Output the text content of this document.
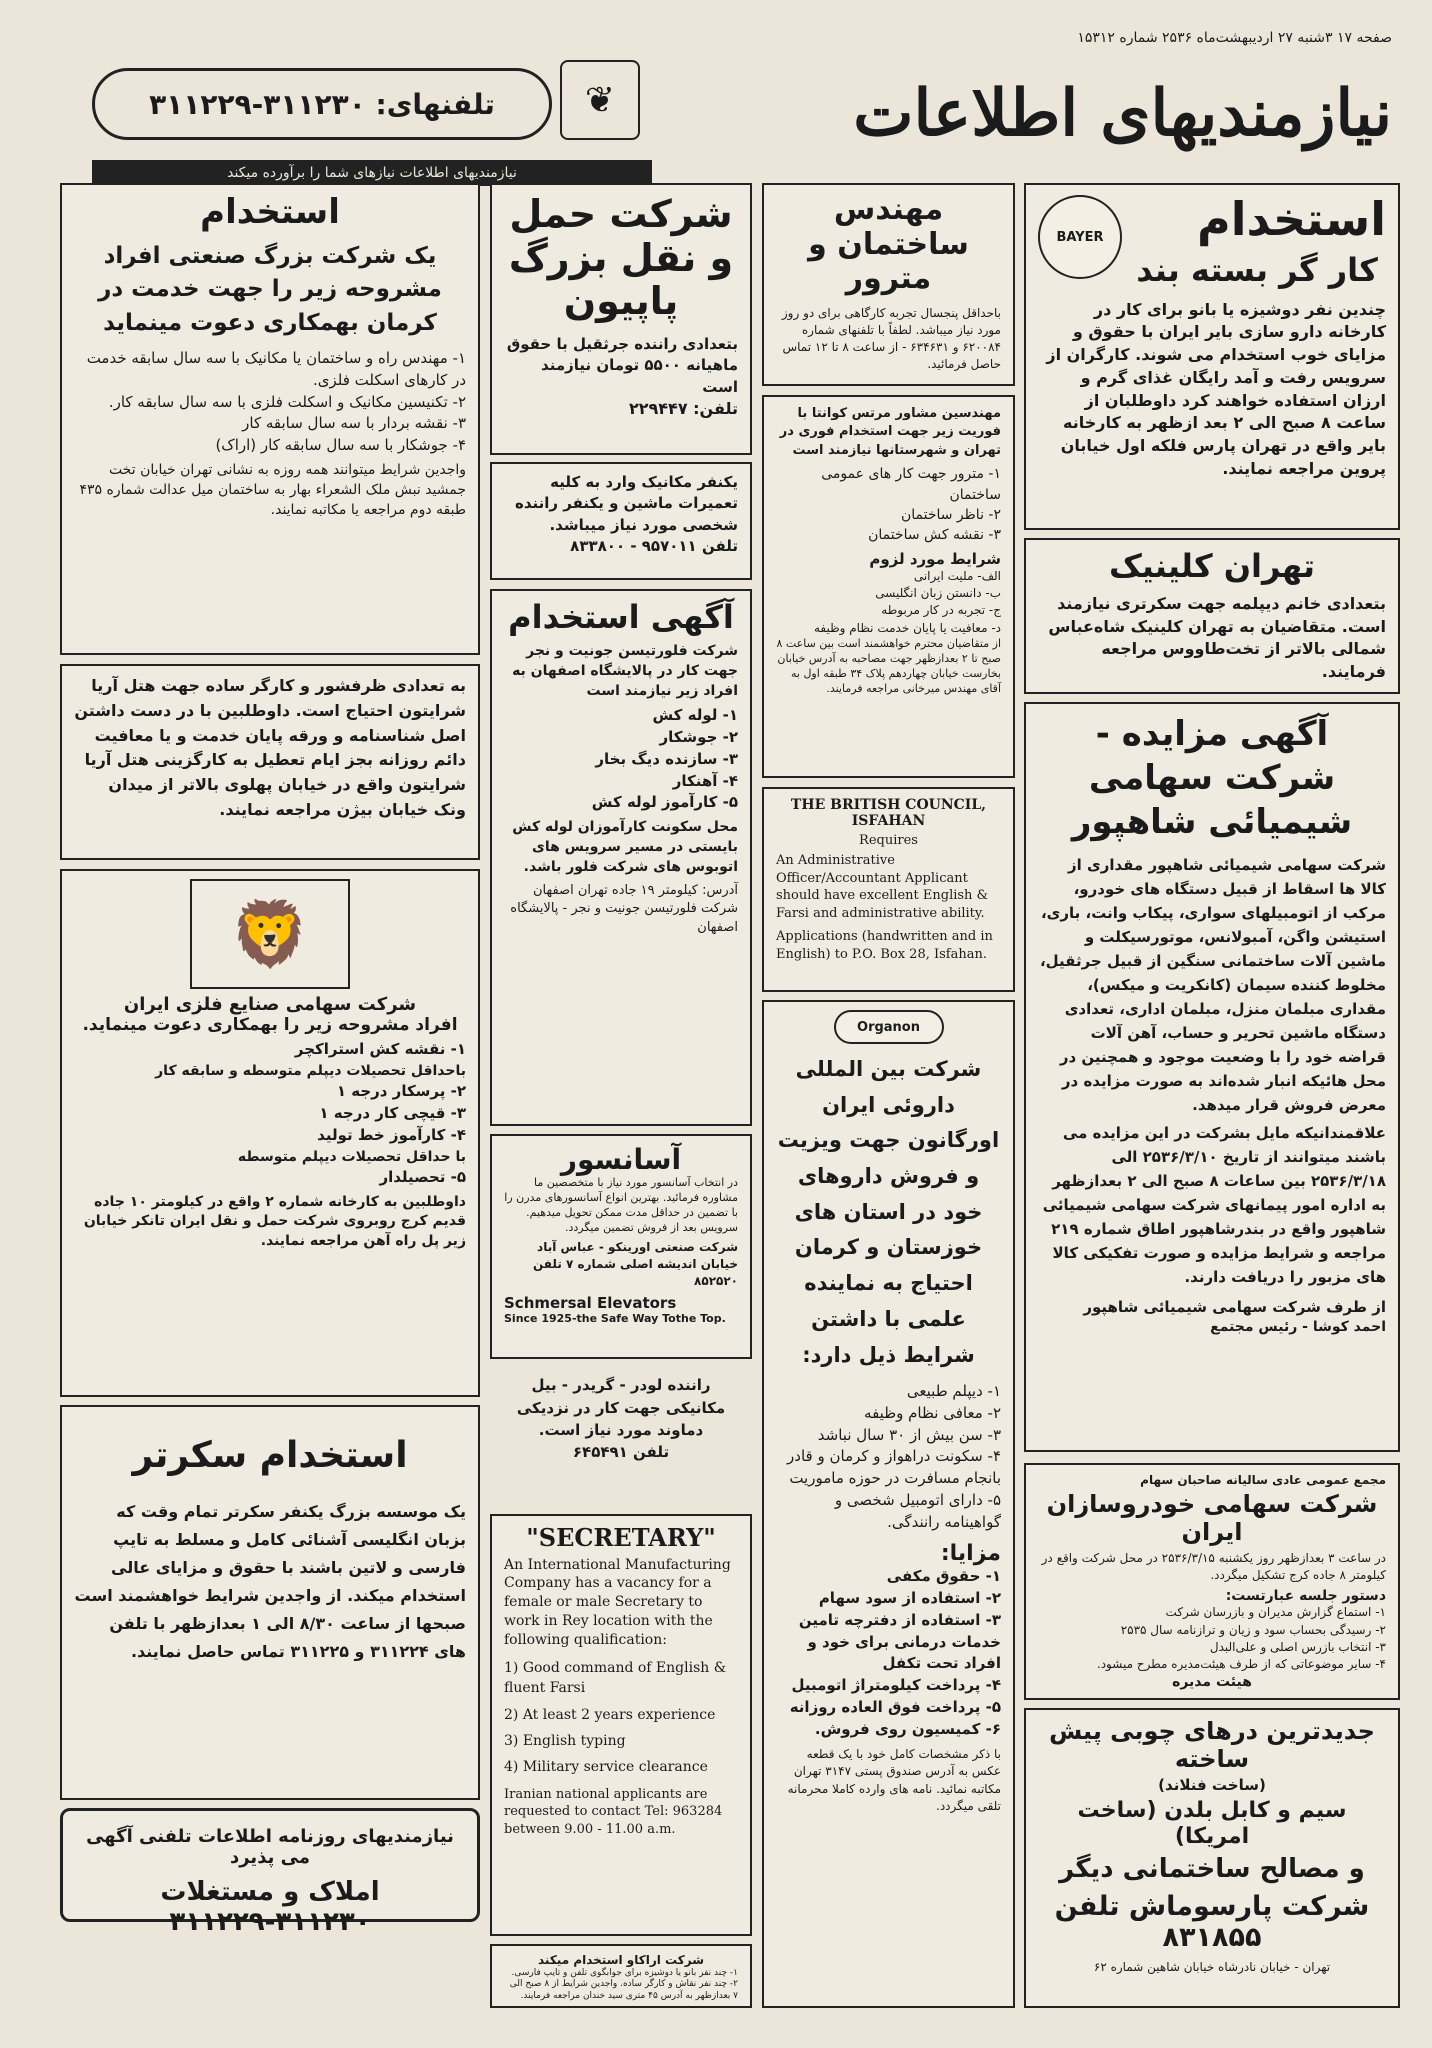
صفحه ۱۷ ۳شنبه ۲۷ اردیبهشت‌ماه ۲۵۳۶ شماره ۱۵۳۱۲
نیازمندیهای اطلاعات
❦
تلفنهای: ۳۱۱۲۳۰-۳۱۱۲۲۹
نیازمندیهای اطلاعات نیازهای شما را برآورده میکند
BAYER	استخدام
کار گر بسته بند

چندین نفر دوشیزه یا بانو برای کار در کارخانه دارو سازی بایر ایران با حقوق و مزایای خوب استخدام می شوند. کارگران از سرویس رفت و آمد رایگان غذای گرم و ارزان استفاده خواهند کرد داوطلبان از ساعت ۸ صبح الی ۲ بعد ازظهر به کارخانه بایر واقع در تهران پارس فلکه اول خیابان پروین مراجعه نمایند.

مهندس ساختمان و مترور

باحداقل پنجسال تجربه کارگاهی برای دو روز مورد نیاز میباشد. لطفاً با تلفنهای شماره ۶۲۰۰۸۴ و ۶۳۴۶۳۱ - از ساعت ۸ تا ۱۲ تماس حاصل فرمائید.

شرکت حمل و نقل بزرگ پاپیون

بتعدادی راننده جرثقیل با حقوق ماهیانه ۵۵۰۰ تومان نیازمند است

تلفن: ۲۲۹۴۴۷

استخدام
یک شرکت بزرگ صنعتی افراد مشروحه زیر را جهت خدمت در کرمان بهمکاری دعوت مینماید
۱- مهندس راه و ساختمان یا مکانیک با سه سال سابقه خدمت در کارهای اسکلت فلزی.
۲- تکنیسین مکانیک و اسکلت فلزی با سه سال سابقه کار.
۳- نقشه بردار با سه سال سابقه کار
۴- جوشکار با سه سال سابقه کار (اراک)

واجدین شرایط میتوانند همه روزه به نشانی تهران خیابان تخت جمشید نبش ملک الشعراء بهار به ساختمان میل عدالت شماره ۴۳۵ طبقه دوم مراجعه یا مکاتبه نمایند.

مهندسین مشاور مرتس کوانتا با فوریت زیر جهت استخدام فوری در تهران و شهرستانها نیازمند است

۱- مترور جهت کار های عمومی ساختمان
۲- ناظر ساختمان
۳- نقشه کش ساختمان
شرایط مورد لزوم
الف- ملیت ایرانی
ب- دانستن زبان انگلیسی
ج- تجربه در کار مربوطه
د- معافیت یا پایان خدمت نظام وظیفه

از متقاضیان محترم خواهشمند است بین ساعت ۸ صبح تا ۲ بعدازظهر جهت مصاحبه به آدرس خیابان بخارست خیابان چهاردهم پلاک ۳۴ طبقه اول به آقای مهندس میرخانی مراجعه فرمایند.

یکنفر مکانیک وارد به کلیه تعمیرات ماشین و یکنفر راننده شخصی مورد نیاز میباشد.

تلفن ۹۵۷۰۱۱ - ۸۳۳۸۰۰

تهران کلینیک

بتعدادی خانم دیپلمه جهت سکرتری نیازمند است. متقاضیان به تهران کلینیک شاه‌عباس شمالی بالاتر از تخت‌طاووس مراجعه فرمایند.

آگهی استخدام

شرکت فلورتیسن جونیت و نجر جهت کار در پالایشگاه اصفهان به افراد زیر نیازمند است

۱- لوله کش
۲- جوشکار
۳- سازنده دیگ بخار
۴- آهنکار
۵- کارآموز لوله کش

محل سکونت کارآموزان لوله کش بایستی در مسیر سرویس های اتوبوس های شرکت فلور باشد.

آدرس: کیلومتر ۱۹ جاده تهران اصفهان شرکت فلورتیسن جونیت و نجر - پالایشگاه اصفهان

به تعدادی ظرفشور و کارگر ساده جهت هتل آریا شرایتون احتیاج است. داوطلبین با در دست داشتن اصل شناسنامه و ورقه پایان خدمت و یا معافیت دائم روزانه بجز ایام تعطیل به کارگزینی هتل آریا شرایتون واقع در خیابان پهلوی بالاتر از میدان ونک خیابان بیژن مراجعه نمایند.

آگهی مزایده - شرکت سهامی شیمیائی شاهپور

شرکت سهامی شیمیائی شاهپور مقداری از کالا ها اسقاط از قبیل دستگاه های خودرو، مرکب از اتومبیلهای سواری، پیکاب وانت، باری، استیشن واگن، آمبولانس، موتورسیکلت و ماشین آلات ساختمانی سنگین از قبیل جرثقیل، مخلوط کننده سیمان (کانکریت و میکس)، مقداری مبلمان منزل، مبلمان اداری، تعدادی دستگاه ماشین تحریر و حساب، آهن آلات قراضه خود را با وضعیت موجود و همچنین در محل هائیکه انبار شده‌اند به صورت مزایده در معرض فروش قرار میدهد.

علاقمندانیکه مایل بشرکت در این مزایده می باشند میتوانند از تاریخ ۲۵۳۶/۳/۱۰ الی ۲۵۳۶/۳/۱۸ بین ساعات ۸ صبح الی ۲ بعدازظهر به اداره امور پیمانهای شرکت سهامی شیمیائی شاهپور واقع در بندرشاهپور اطاق شماره ۲۱۹ مراجعه و شرایط مزایده و صورت تفکیکی کالا های مزبور را دریافت دارند.

از طرف شرکت سهامی شیمیائی شاهپور

احمد کوشا - رئیس مجتمع

THE BRITISH COUNCIL, ISFAHAN
Requires

An Administrative Officer/Accountant Applicant should have excellent English & Farsi and administrative ability.

Applications (handwritten and in English) to P.O. Box 28, Isfahan.

🦁
شرکت سهامی صنایع فلزی ایران
افراد مشروحه زیر را بهمکاری دعوت مینماید.
۱- نقشه کش استراکچر
باحداقل تحصیلات دیپلم متوسطه و سابقه کار
۲- پرسکار درجه ۱
۳- قیچی کار درجه ۱
۴- کارآموز خط تولید
با حداقل تحصیلات دیپلم متوسطه
۵- تحصیلدار

داوطلبین به کارخانه شماره ۲ واقع در کیلومتر ۱۰ جاده قدیم کرج روبروی شرکت حمل و نقل ایران تانکر خیابان زیر پل راه آهن مراجعه نمایند.

Organon
شرکت بین المللی داروئی ایران اورگانون جهت ویزیت و فروش داروهای خود در استان های خوزستان و کرمان احتیاج به نماینده علمی با داشتن شرایط ذیل دارد:
۱- دیپلم طبیعی
۲- معافی نظام وظیفه
۳- سن بیش از ۳۰ سال نباشد
۴- سکونت دراهواز و کرمان و قادر بانجام مسافرت در حوزه ماموریت
۵- دارای اتومبیل شخصی و گواهینامه رانندگی.
مزایا:
۱- حقوق مکفی
۲- استفاده از سود سهام
۳- استفاده از دفترچه تامین خدمات درمانی برای خود و افراد تحت تکفل
۴- پرداخت کیلومتراژ اتومبیل
۵- پرداخت فوق العاده روزانه
۶- کمیسیون روی فروش.

با ذکر مشخصات کامل خود با یک قطعه عکس به آدرس صندوق پستی ۳۱۴۷ تهران مکاتبه نمائید. نامه های وارده کاملا محرمانه تلقی میگردد.

آسانسور

در انتخاب آسانسور مورد نیاز با متخصصین ما مشاوره فرمائید. بهترین انواع آسانسورهای مدرن را با تضمین در حداقل مدت ممکن تحویل میدهیم. سرویس بعد از فروش تضمین میگردد.

شرکت صنعتی اورینکو - عباس آباد خیابان اندیشه اصلی شماره ۷ تلفن ۸۵۲۵۲۰

Schmersal Elevators
Since 1925-the Safe Way Tothe Top.

راننده لودر - گریدر - بیل مکانیکی جهت کار در نزدیکی دماوند مورد نیاز است.

تلفن ۶۴۵۴۹۱

استخدام سکرتر

یک موسسه بزرگ یکنفر سکرتر تمام وقت که بزبان انگلیسی آشنائی کامل و مسلط به تایپ فارسی و لاتین باشند با حقوق و مزایای عالی استخدام میکند. از واجدین شرایط خواهشمند است صبحها از ساعت ۸/۳۰ الی ۱ بعدازظهر با تلفن های ۳۱۱۲۲۴ و ۳۱۱۲۲۵ تماس حاصل نمایند.

مجمع عمومی عادی سالیانه صاحبان سهام
شرکت سهامی خودروسازان ایران

در ساعت ۳ بعدازظهر روز یکشنبه ۲۵۳۶/۳/۱۵ در محل شرکت واقع در کیلومتر ۸ جاده کرج تشکیل میگردد.

دستور جلسه عبارتست:
۱- استماع گزارش مدیران و بازرسان شرکت
۲- رسیدگی بحساب سود و زیان و ترازنامه سال ۲۵۳۵
۳- انتخاب بازرس اصلی و علی‌البدل
۴- سایر موضوعاتی که از طرف هیئت‌مدیره مطرح میشود.
هیئت مدیره
"SECRETARY"

An International Manufacturing Company has a vacancy for a female or male Secretary to work in Rey location with the following qualification:

1) Good command of English & fluent Farsi
2) At least 2 years experience
3) English typing
4) Military service clearance

Iranian national applicants are requested to contact Tel: 963284 between 9.00 - 11.00 a.m.

جدیدترین درهای چوبی پیش ساخته
(ساخت فنلاند)
سیم و کابل بلدن (ساخت امریکا)
و مصالح ساختمانی دیگر
شرکت پارسوماش تلفن ۸۳۱۸۵۵

تهران - خیابان نادرشاه خیابان شاهین شماره ۶۲

نیازمندیهای روزنامه اطلاعات تلفنی آگهی می پذیرد
املاک و مستغلات ۳۱۱۲۳۰-۳۱۱۲۲۹
شرکت اراکاو استخدام میکند

۱- چند نفر بانو یا دوشیزه برای جوابگوی تلفن و تایپ فارسی. ۲- چند نفر نقاش و کارگر ساده. واجدین شرایط از ۸ صبح الی ۷ بعدازظهر به آدرس ۴۵ متری سید خندان مراجعه فرمایند.
